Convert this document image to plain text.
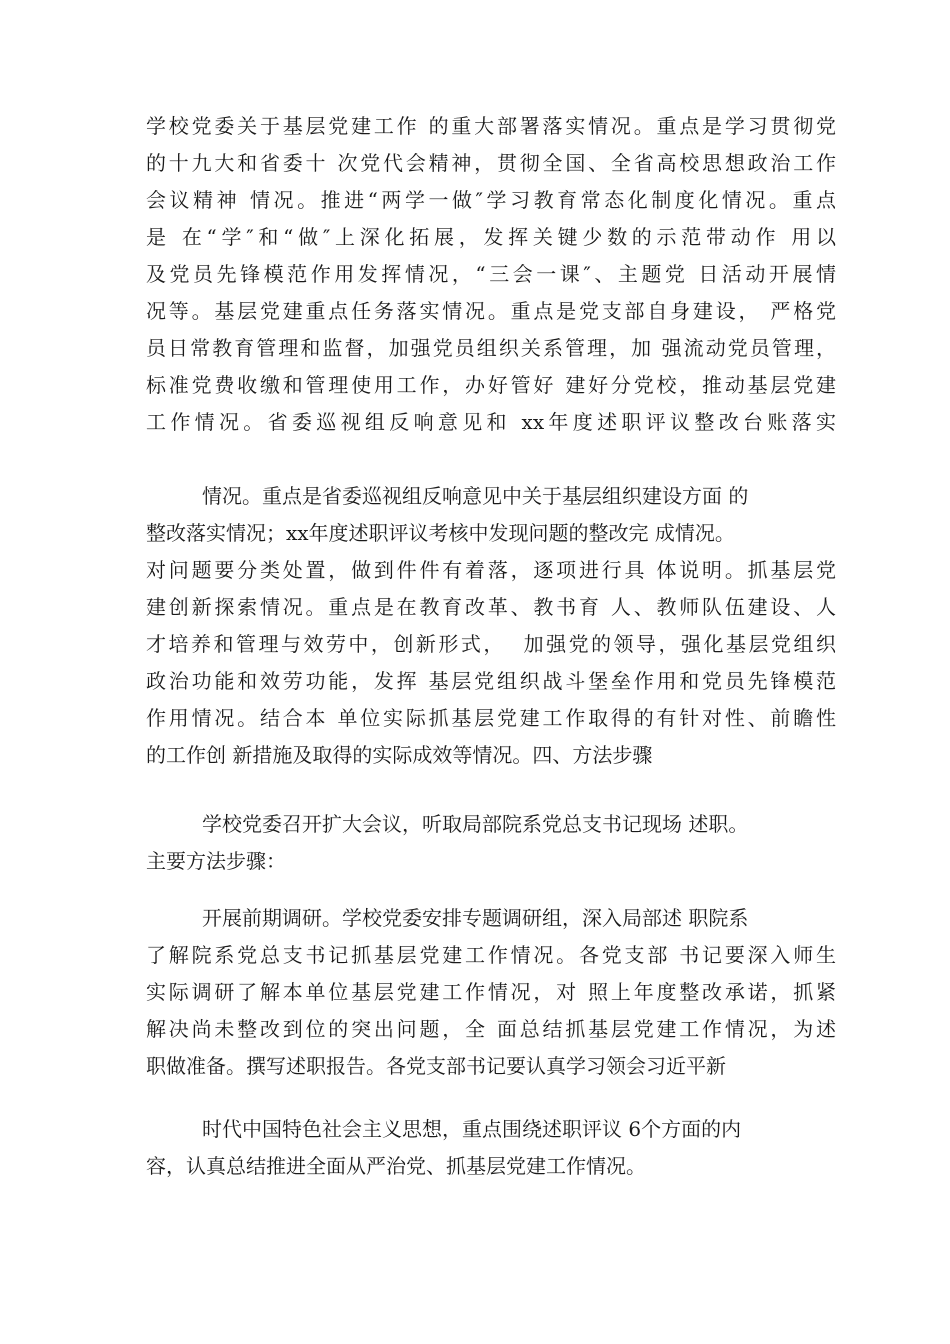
学校党委关于基层党建工作 的重大部署落实情况。重点是学习贯彻党
的十九大和省委十 次党代会精神，贯彻全国、全省高校思想政治工作
会议精神 情况。推进“两学一做″学习教育常态化制度化情况。重点
是 在“学″和“做″上深化拓展，发挥关键少数的示范带动作 用以
及党员先锋模范作用发挥情况，“三会一课″、主题党 日活动开展情
况等。基层党建重点任务落实情况。重点是党支部自身建设， 严格党
员日常教育管理和监督，加强党员组织关系管理，加 强流动党员管理，
标准党费收缴和管理使用工作，办好管好 建好分党校，推动基层党建
工作情况。省委巡视组反响意见和 xx年度述职评议整改台账落实
情况。重点是省委巡视组反响意见中关于基层组织建设方面 的
整改落实情况；xx年度述职评议考核中发现问题的整改完 成情况。
对问题要分类处置，做到件件有着落，逐项进行具 体说明。抓基层党
建创新探索情况。重点是在教育改革、教书育 人、教师队伍建设、人
才培养和管理与效劳中，创新形式，  加强党的领导，强化基层党组织
政治功能和效劳功能，发挥 基层党组织战斗堡垒作用和党员先锋模范
作用情况。结合本 单位实际抓基层党建工作取得的有针对性、前瞻性
的工作创 新措施及取得的实际成效等情况。四、方法步骤
学校党委召开扩大会议，听取局部院系党总支书记现场 述职。
主要方法步骤：
开展前期调研。学校党委安排专题调研组，深入局部述 职院系
了解院系党总支书记抓基层党建工作情况。各党支部 书记要深入师生
实际调研了解本单位基层党建工作情况，对 照上年度整改承诺，抓紧
解决尚未整改到位的突出问题，全 面总结抓基层党建工作情况，为述
职做准备。撰写述职报告。各党支部书记要认真学习领会习近平新
时代中国特色社会主义思想，重点围绕述职评议 6个方面的内
容，认真总结推进全面从严治党、抓基层党建工作情况。
